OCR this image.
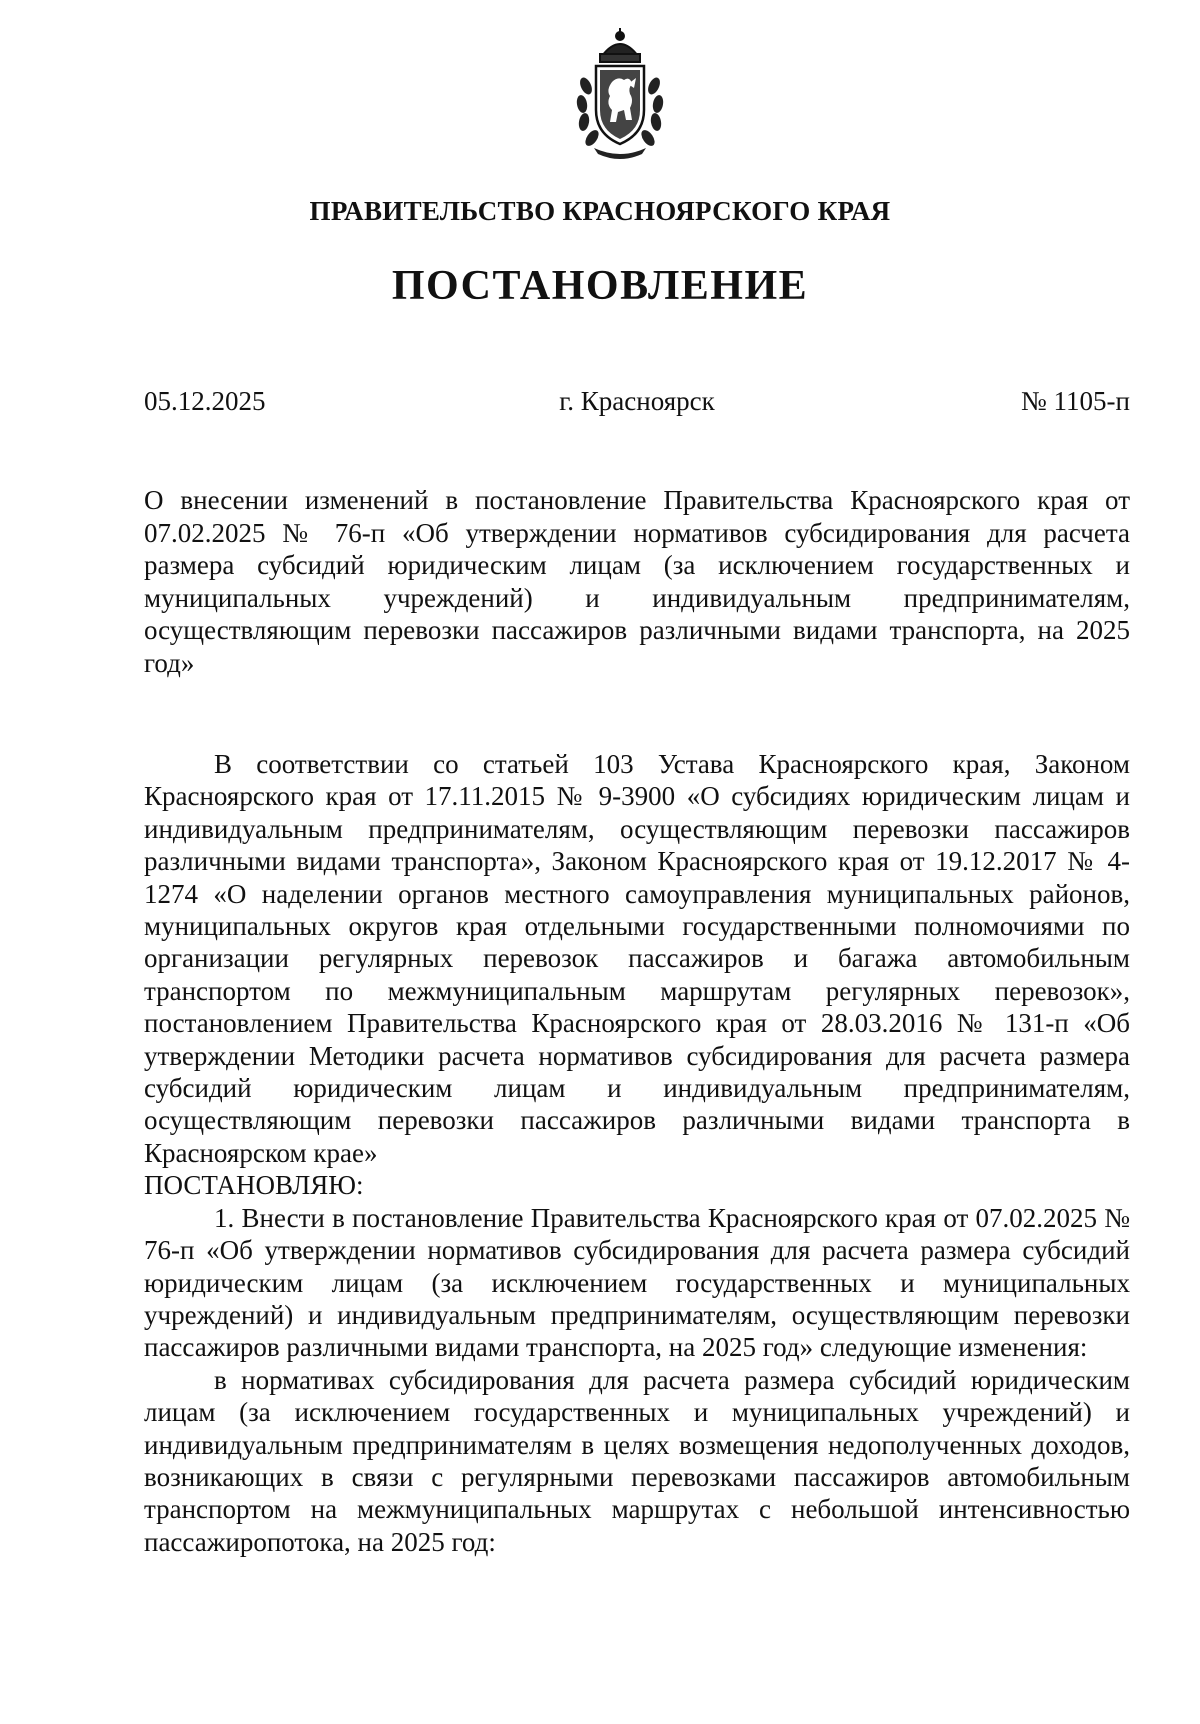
ПРАВИТЕЛЬСТВО КРАСНОЯРСКОГО КРАЯ
ПОСТАНОВЛЕНИЕ
05.12.2025	г. Красноярск	№ 1105-п
О внесении изменений в постановление Правительства Красноярского края от 07.02.2025 № 76-п «Об утверждении нормативов субсидирования для расчета размера субсидий юридическим лицам (за исключением государственных и муниципальных учреждений) и индивидуальным предпринимателям, осуществляющим перевозки пассажиров различными видами транспорта, на 2025 год»

В соответствии со статьей 103 Устава Красноярского края, Законом Красноярского края от 17.11.2015 № 9-3900 «О субсидиях юридическим лицам и индивидуальным предпринимателям, осуществляющим перевозки пассажиров различными видами транспорта», Законом Красноярского края от 19.12.2017 № 4-1274 «О наделении органов местного самоуправления муниципальных районов, муниципальных округов края отдельными государственными полномочиями по организации регулярных перевозок пассажиров и багажа автомобильным транспортом по межмуниципальным маршрутам регулярных перевозок», постановлением Правительства Красноярского края от 28.03.2016 № 131-п «Об утверждении Методики расчета нормативов субсидирования для расчета размера субсидий юридическим лицам и индивидуальным предпринимателям, осуществляющим перевозки пассажиров различными видами транспорта в Красноярском крае»

ПОСТАНОВЛЯЮ:

1. Внести в постановление Правительства Красноярского края от 07.02.2025 № 76-п «Об утверждении нормативов субсидирования для расчета размера субсидий юридическим лицам (за исключением государственных и муниципальных учреждений) и индивидуальным предпринимателям, осуществляющим перевозки пассажиров различными видами транспорта, на 2025 год» следующие изменения:

в нормативах субсидирования для расчета размера субсидий юридическим лицам (за исключением государственных и муниципальных учреждений) и индивидуальным предпринимателям в целях возмещения недополученных доходов, возникающих в связи с регулярными перевозками пассажиров автомобильным транспортом на межмуниципальных маршрутах с небольшой интенсивностью пассажиропотока, на 2025 год:
